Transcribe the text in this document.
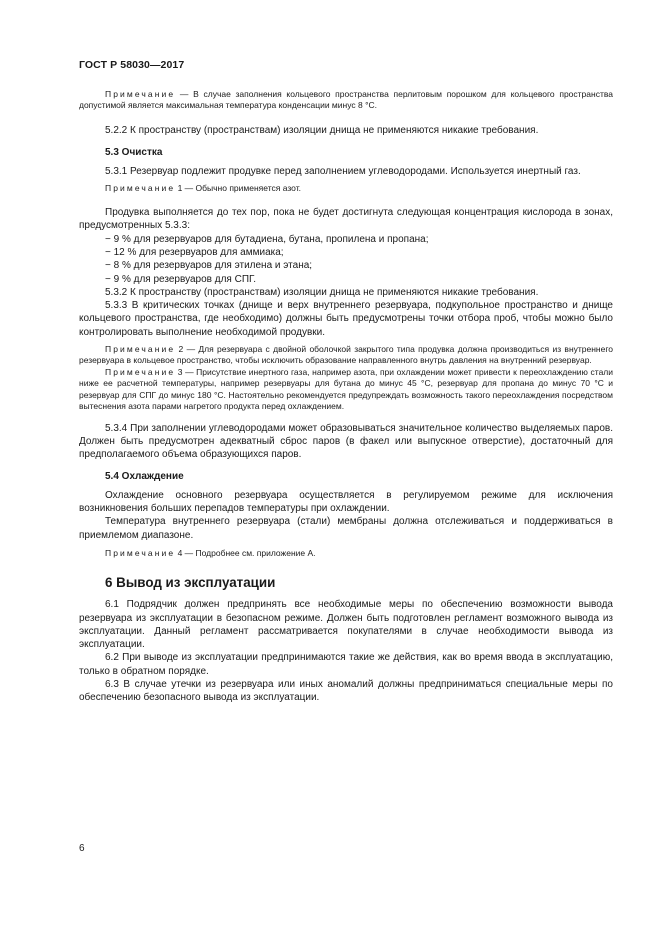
ГОСТ Р 58030—2017

Примечание — В случае заполнения кольцевого пространства перлитовым порошком для кольцевого пространства допустимой является максимальная температура конденсации минус 8 °С.

5.2.2 К пространству (пространствам) изоляции днища не применяются никакие требования.

5.3 Очистка

5.3.1 Резервуар подлежит продувке перед заполнением углеводородами. Используется инертный газ.

Примечание 1 — Обычно применяется азот.

Продувка выполняется до тех пор, пока не будет достигнута следующая концентрация кислорода в зонах, предусмотренных 5.3.3:

− 9 % для резервуаров для бутадиена, бутана, пропилена и пропана;

− 12 % для резервуаров для аммиака;

− 8 % для резервуаров для этилена и этана;

− 9 % для резервуаров для СПГ.

5.3.2 К пространству (пространствам) изоляции днища не применяются никакие требования.

5.3.3 В критических точках (днище и верх внутреннего резервуара, подкупольное пространство и днище кольцевого пространства, где необходимо) должны быть предусмотрены точки отбора проб, чтобы можно было контролировать выполнение необходимой продувки.

Примечание 2 — Для резервуара с двойной оболочкой закрытого типа продувка должна производиться из внутреннего резервуара в кольцевое пространство, чтобы исключить образование направленного внутрь давления на внутренний резервуар.

Примечание 3 — Присутствие инертного газа, например азота, при охлаждении может привести к переохлаждению стали ниже ее расчетной температуры, например резервуары для бутана до минус 45 °С, резервуар для пропана до минус 70 °С и резервуар для СПГ до минус 180 °С. Настоятельно рекомендуется предупреждать возможность такого переохлаждения посредством вытеснения азота парами нагретого продукта перед охлаждением.

5.3.4 При заполнении углеводородами может образовываться значительное количество выделяемых паров. Должен быть предусмотрен адекватный сброс паров (в факел или выпускное отверстие), достаточный для предполагаемого объема образующихся паров.

5.4 Охлаждение

Охлаждение основного резервуара осуществляется в регулируемом режиме для исключения возникновения больших перепадов температуры при охлаждении.

Температура внутреннего резервуара (стали) мембраны должна отслеживаться и поддерживаться в приемлемом диапазоне.

Примечание 4 — Подробнее см. приложение А.

6 Вывод из эксплуатации

6.1 Подрядчик должен предпринять все необходимые меры по обеспечению возможности вывода резервуара из эксплуатации в безопасном режиме. Должен быть подготовлен регламент возможного вывода из эксплуатации. Данный регламент рассматривается покупателями в случае необходимости вывода из эксплуатации.

6.2 При выводе из эксплуатации предпринимаются такие же действия, как во время ввода в эксплуатацию, только в обратном порядке.

6.3 В случае утечки из резервуара или иных аномалий должны предприниматься специальные меры по обеспечению безопасного вывода из эксплуатации.

6
